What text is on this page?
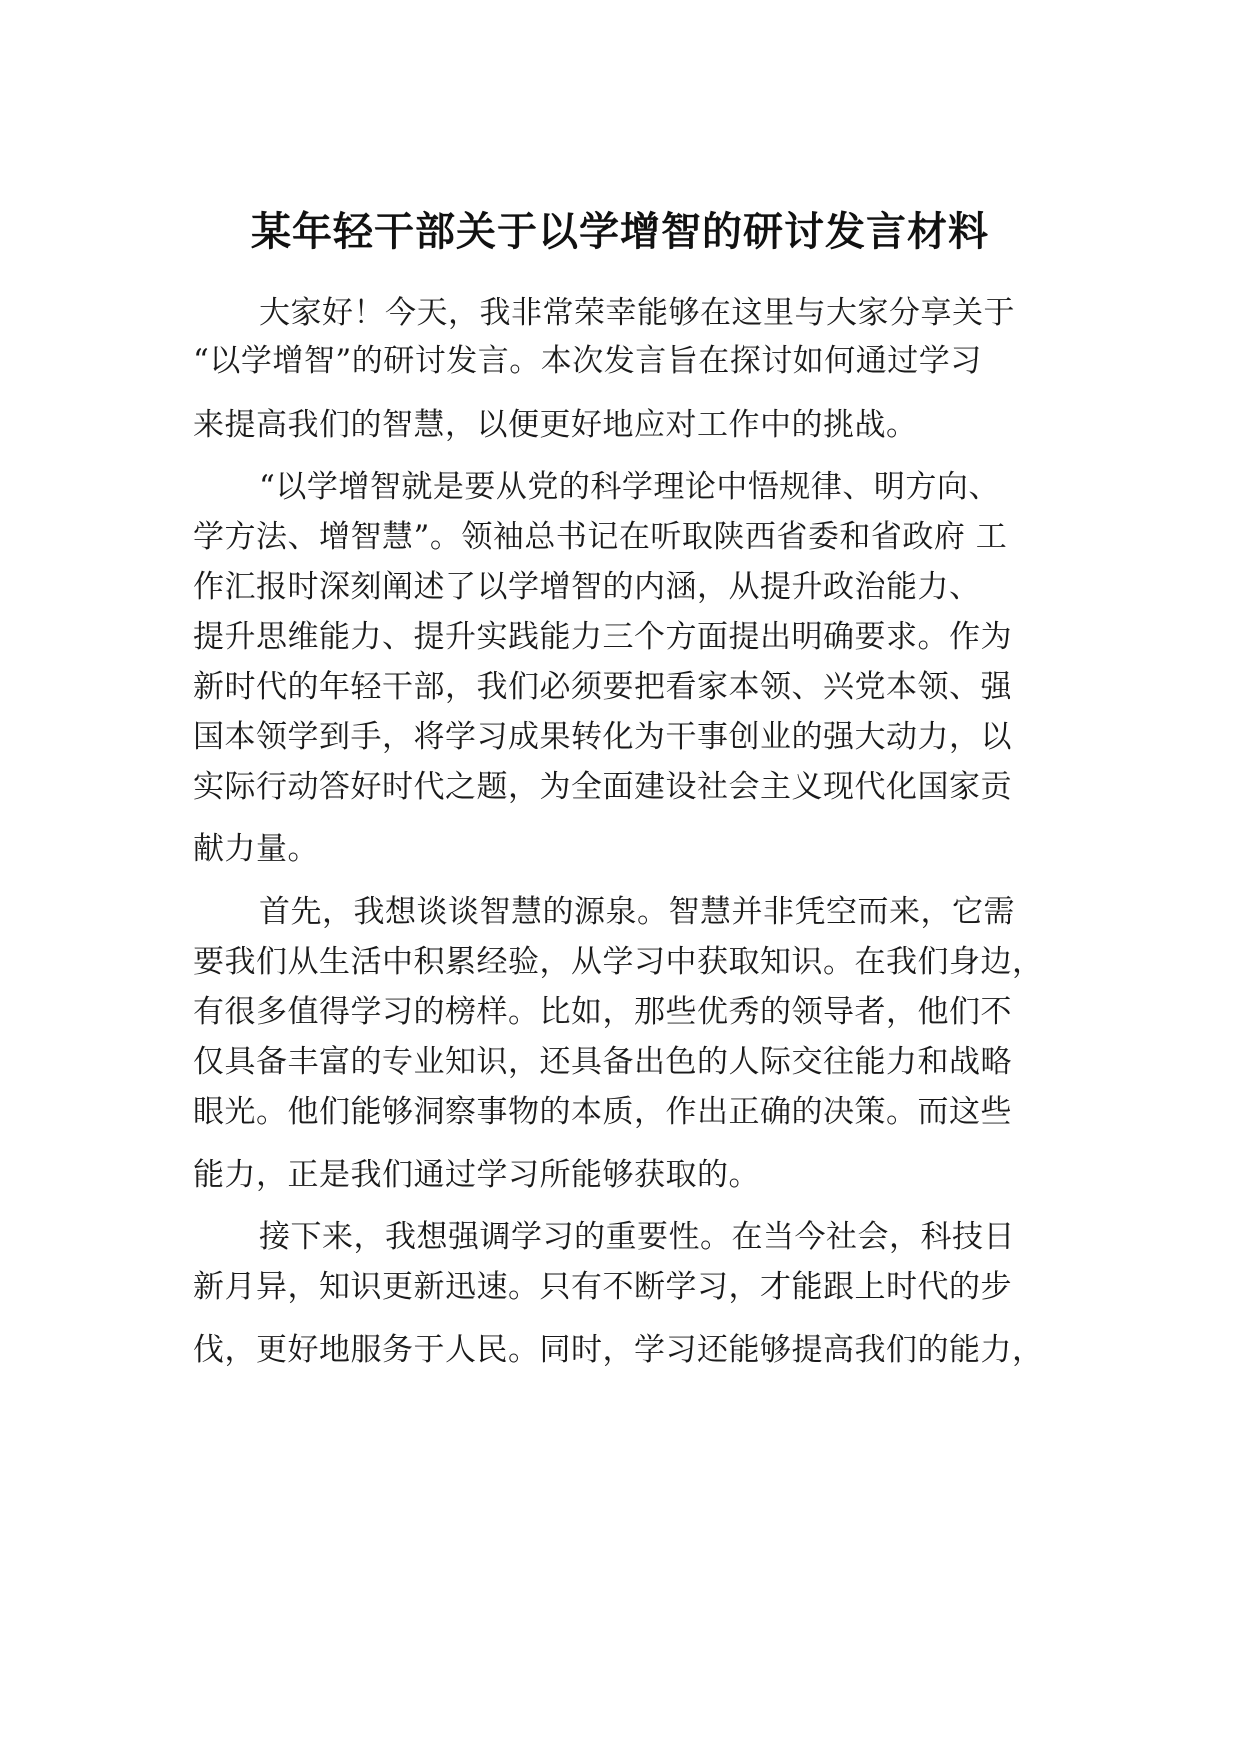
某年轻干部关于以学增智的研讨发言材料

大家好！今天，我非常荣幸能够在这里与大家分享关于

“以学增智”的研讨发言。本次发言旨在探讨如何通过学习

来提高我们的智慧，以便更好地应对工作中的挑战。

“以学增智就是要从党的科学理论中悟规律、明方向、

学方法、增智慧”。领袖总书记在听取陕西省委和省政府 工

作汇报时深刻阐述了以学增智的内涵，从提升政治能力、

提升思维能力、提升实践能力三个方面提出明确要求。作为

新时代的年轻干部，我们必须要把看家本领、兴党本领、强

国本领学到手，将学习成果转化为干事创业的强大动力，以

实际行动答好时代之题，为全面建设社会主义现代化国家贡

献力量。

首先，我想谈谈智慧的源泉。智慧并非凭空而来，它需

要我们从生活中积累经验，从学习中获取知识。在我们身边，

有很多值得学习的榜样。比如，那些优秀的领导者，他们不

仅具备丰富的专业知识，还具备出色的人际交往能力和战略

眼光。他们能够洞察事物的本质，作出正确的决策。而这些

能力，正是我们通过学习所能够获取的。

接下来，我想强调学习的重要性。在当今社会，科技日

新月异，知识更新迅速。只有不断学习，才能跟上时代的步

伐，更好地服务于人民。同时，学习还能够提高我们的能力，
